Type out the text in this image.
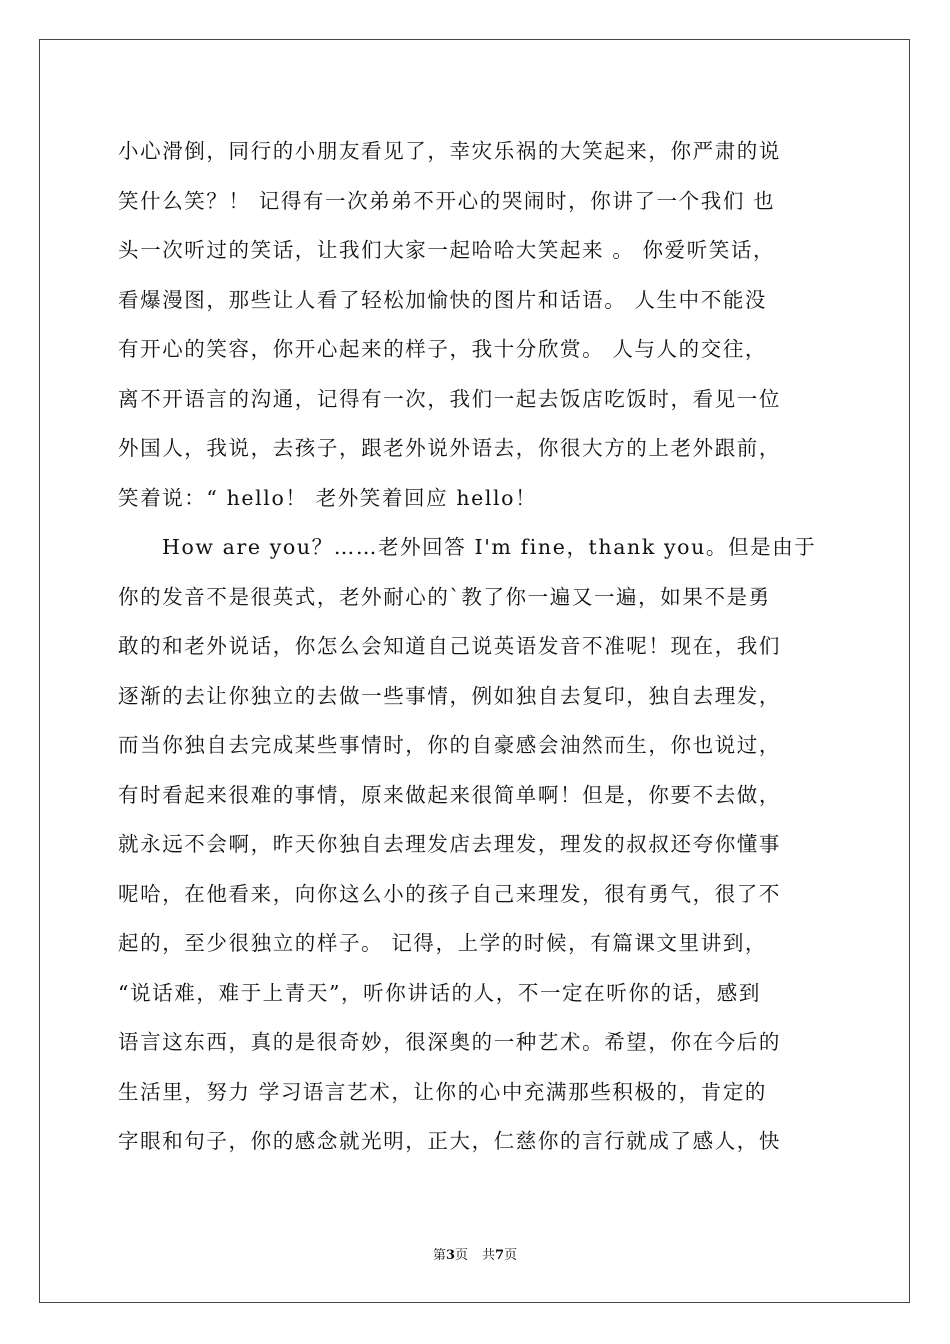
小心滑倒，同行的小朋友看见了，幸灾乐祸的大笑起来，你严肃的说
笑什么笑？！ 记得有一次弟弟不开心的哭闹时，你讲了一个我们 也
头一次听过的笑话，让我们大家一起哈哈大笑起来 。 你爱听笑话，
看爆漫图，那些让人看了轻松加愉快的图片和话语。 人生中不能没
有开心的笑容，你开心起来的样子，我十分欣赏。 人与人的交往，
离不开语言的沟通，记得有一次，我们一起去饭店吃饭时，看见一位
外国人，我说，去孩子，跟老外说外语去，你很大方的上老外跟前，
笑着说：“ hello！ 老外笑着回应 hello！
How are you？……老外回答 I'm fine，thank you。但是由于
你的发音不是很英式，老外耐心的`教了你一遍又一遍，如果不是勇
敢的和老外说话，你怎么会知道自己说英语发音不准呢！现在，我们
逐渐的去让你独立的去做一些事情，例如独自去复印，独自去理发，
而当你独自去完成某些事情时，你的自豪感会油然而生，你也说过，
有时看起来很难的事情，原来做起来很简单啊！但是，你要不去做，
就永远不会啊，昨天你独自去理发店去理发，理发的叔叔还夸你懂事
呢哈，在他看来，向你这么小的孩子自己来理发，很有勇气，很了不
起的，至少很独立的样子。 记得，上学的时候，有篇课文里讲到，
“说话难，难于上青天”，听你讲话的人，不一定在听你的话，感到
语言这东西，真的是很奇妙，很深奥的一种艺术。希望，你在今后的
生活里，努力 学习语言艺术，让你的心中充满那些积极的，肯定的
字眼和句子，你的感念就光明，正大，仁慈你的言行就成了感人，快
第3页 共7页
